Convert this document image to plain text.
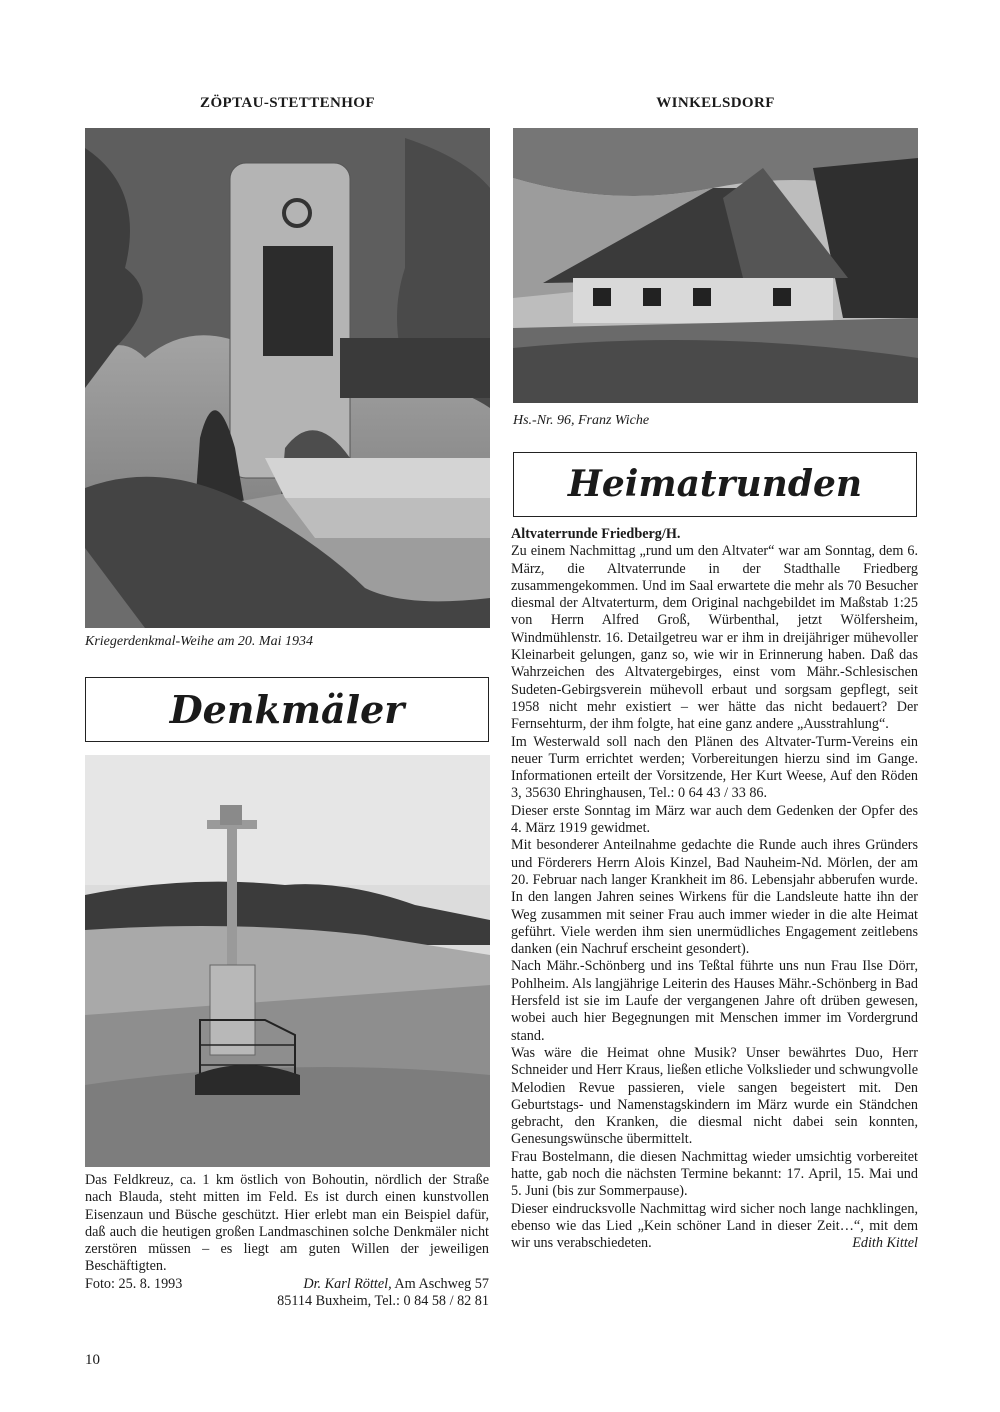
ZÖPTAU-STETTENHOF
Kriegerdenkmal-Weihe am 20. Mai 1934
Denkmäler

Das Feldkreuz, ca. 1 km östlich von Bohoutin, nördlich der Straße nach Blauda, steht mitten im Feld. Es ist durch einen kunstvollen Eisenzaun und Büsche geschützt. Hier erlebt man ein Beispiel dafür, daß auch die heutigen großen Landmaschinen solche Denkmäler nicht zerstören müssen – es liegt am guten Willen der jeweiligen Beschäftigten.

Foto: 25. 8. 1993	Dr. Karl Röttel, Am Aschweg 57
85114 Buxheim, Tel.: 0 84 58 / 82 81
WINKELSDORF
Hs.-Nr. 96, Franz Wiche
Heimatrunden

Altvaterrunde Friedberg/H.

Zu einem Nachmittag „rund um den Altvater“ war am Sonntag, dem 6. März, die Altvaterrunde in der Stadthalle Friedberg zusammengekommen. Und im Saal erwartete die mehr als 70 Besucher diesmal der Altvaterturm, dem Original nachgebildet im Maßstab 1:25 von Herrn Alfred Groß, Würbenthal, jetzt Wölfersheim, Windmühlenstr. 16. Detailgetreu war er ihm in dreijähriger mühevoller Kleinarbeit gelungen, ganz so, wie wir in Erinnerung haben. Daß das Wahrzeichen des Altvatergebirges, einst vom Mähr.-Schlesischen Sudeten-Gebirgsverein mühevoll erbaut und sorgsam gepflegt, seit 1958 nicht mehr existiert – wer hätte das nicht bedauert? Der Fernsehturm, der ihm folgte, hat eine ganz andere „Ausstrahlung“.

Im Westerwald soll nach den Plänen des Altvater-Turm-Vereins ein neuer Turm errichtet werden; Vorbereitungen hierzu sind im Gange. Informationen erteilt der Vorsitzende, Her Kurt Weese, Auf den Röden 3, 35630 Ehringhausen, Tel.: 0 64 43 / 33 86.

Dieser erste Sonntag im März war auch dem Gedenken der Opfer des 4. März 1919 gewidmet.

Mit besonderer Anteilnahme gedachte die Runde auch ihres Gründers und Förderers Herrn Alois Kinzel, Bad Nauheim-Nd. Mörlen, der am 20. Februar nach langer Krankheit im 86. Lebensjahr abberufen wurde. In den langen Jahren seines Wirkens für die Landsleute hatte ihn der Weg zusammen mit seiner Frau auch immer wieder in die alte Heimat geführt. Viele werden ihm sien unermüdliches Engagement zeitlebens danken (ein Nachruf erscheint gesondert).

Nach Mähr.-Schönberg und ins Teßtal führte uns nun Frau Ilse Dörr, Pohlheim. Als langjährige Leiterin des Hauses Mähr.-Schönberg in Bad Hersfeld ist sie im Laufe der vergangenen Jahre oft drüben gewesen, wobei auch hier Begegnungen mit Menschen immer im Vordergrund stand.

Was wäre die Heimat ohne Musik? Unser bewährtes Duo, Herr Schneider und Herr Kraus, ließen etliche Volkslieder und schwungvolle Melodien Revue passieren, viele sangen begeistert mit. Den Geburtstags- und Namenstagskindern im März wurde ein Ständchen gebracht, den Kranken, die diesmal nicht dabei sein konnten, Genesungswünsche übermittelt.

Frau Bostelmann, die diesen Nachmittag wieder umsichtig vorbereitet hatte, gab noch die nächsten Termine bekannt: 17. April, 15. Mai und 5. Juni (bis zur Sommerpause).

Dieser eindrucksvolle Nachmittag wird sicher noch lange nachklingen, ebenso wie das Lied „Kein schöner Land in dieser Zeit…“, mit dem wir uns verabschiedeten.	Edith Kittel

10
